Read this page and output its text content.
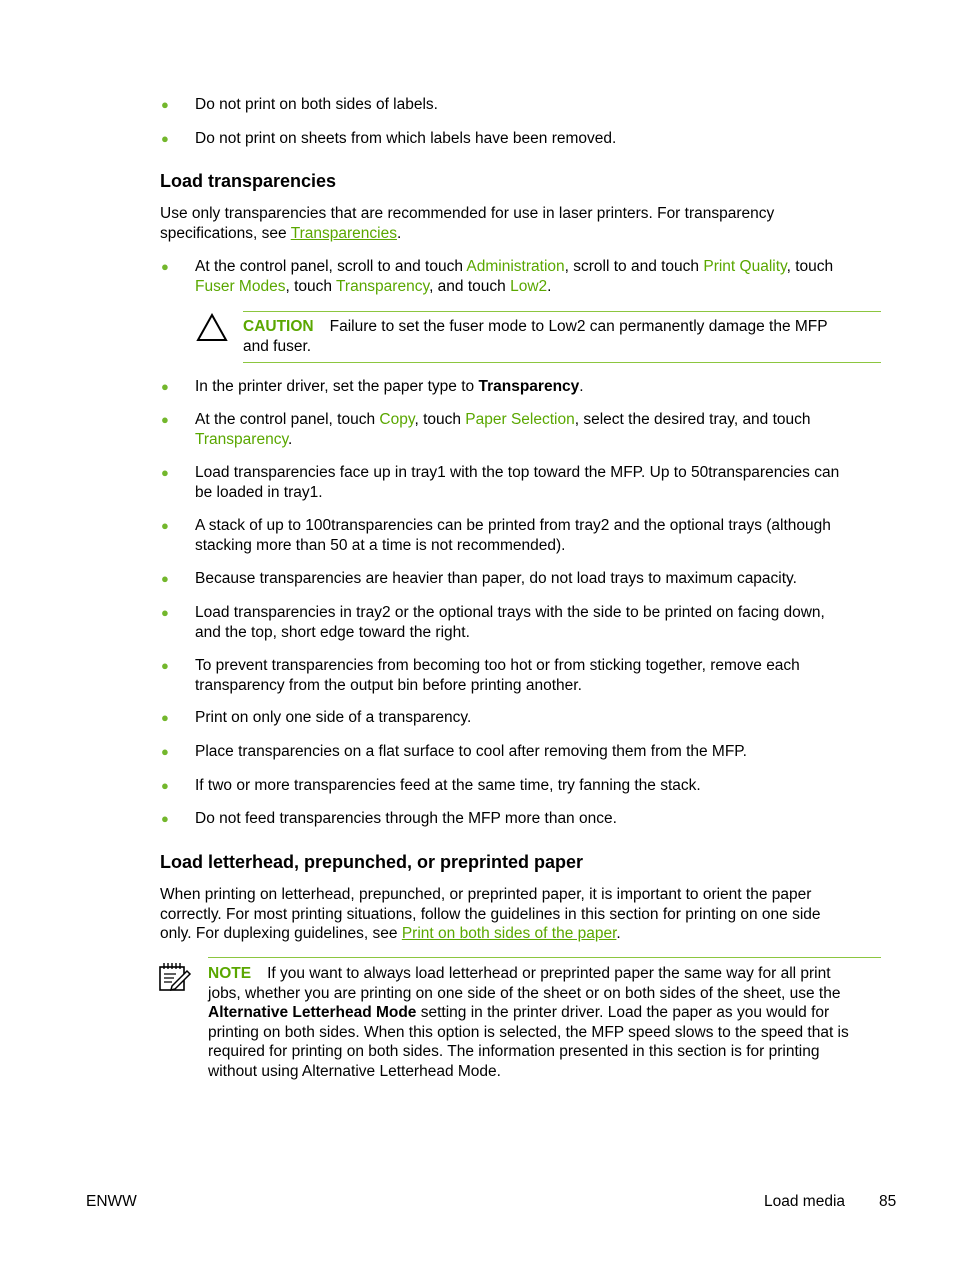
● Do not print on both sides of labels.
● Do not print on sheets from which labels have been removed.
Load transparencies
Use only transparencies that are recommended for use in laser printers. For transparency
specifications, see Transparencies.
● At the control panel, scroll to and touch Administration, scroll to and touch Print Quality, touch
Fuser Modes, touch Transparency, and touch Low2.
CAUTION Failure to set the fuser mode to Low2 can permanently damage the MFP
and fuser.
● In the printer driver, set the paper type to Transparency.
● At the control panel, touch Copy, touch Paper Selection, select the desired tray, and touch
Transparency.
● Load transparencies face up in tray1 with the top toward the MFP. Up to 50transparencies can
be loaded in tray1.
● A stack of up to 100transparencies can be printed from tray2 and the optional trays (although
stacking more than 50 at a time is not recommended).
● Because transparencies are heavier than paper, do not load trays to maximum capacity.
● Load transparencies in tray2 or the optional trays with the side to be printed on facing down,
and the top, short edge toward the right.
● To prevent transparencies from becoming too hot or from sticking together, remove each
transparency from the output bin before printing another.
● Print on only one side of a transparency.
● Place transparencies on a flat surface to cool after removing them from the MFP.
● If two or more transparencies feed at the same time, try fanning the stack.
● Do not feed transparencies through the MFP more than once.
Load letterhead, prepunched, or preprinted paper
When printing on letterhead, prepunched, or preprinted paper, it is important to orient the paper
correctly. For most printing situations, follow the guidelines in this section for printing on one side
only. For duplexing guidelines, see Print on both sides of the paper.
NOTE If you want to always load letterhead or preprinted paper the same way for all print
jobs, whether you are printing on one side of the sheet or on both sides of the sheet, use the
Alternative Letterhead Mode setting in the printer driver. Load the paper as you would for
printing on both sides. When this option is selected, the MFP speed slows to the speed that is
required for printing on both sides. The information presented in this section is for printing
without using Alternative Letterhead Mode.
ENWW	Load media 85
